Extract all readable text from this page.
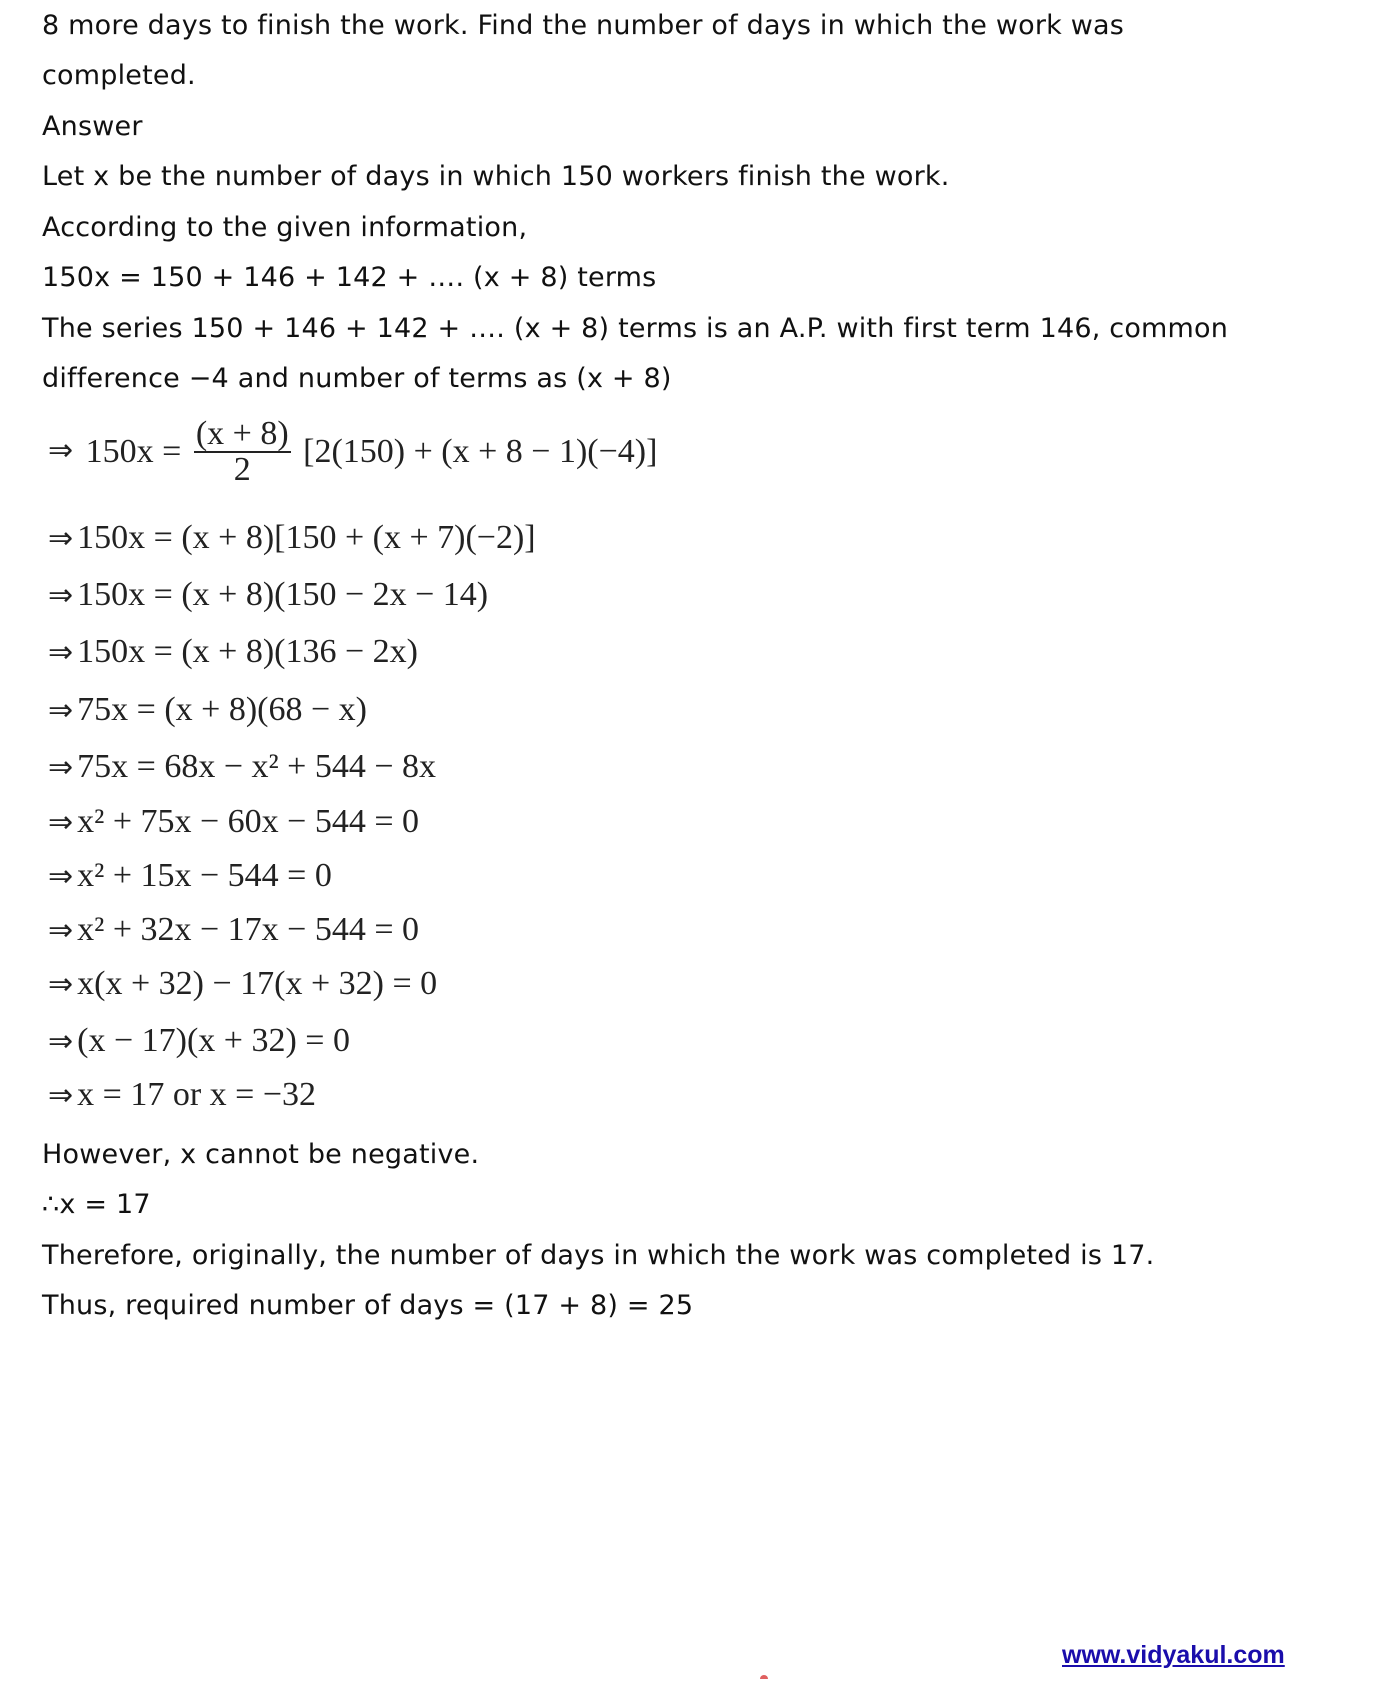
8 more days to finish the work. Find the number of days in which the work was
completed.
Answer
Let x be the number of days in which 150 workers finish the work.
According to the given information,
150x = 150 + 146 + 142 + …. (x + 8) terms
The series 150 + 146 + 142 + …. (x + 8) terms is an A.P. with first term 146, common
difference −4 and number of terms as (x + 8)
⇒ $150x = \frac{(x + 8)}{2} [2(150) + (x + 8 - 1)(-4)]$
⇒ 150x = (x + 8)[150 + (x + 7)(−2)]
⇒ 150x = (x + 8)(150 − 2x − 14)
⇒ 150x = (x + 8)(136 − 2x)
⇒ 75x = (x + 8)(68 − x)
⇒ 75x = 68x − x² + 544 − 8x
⇒ x² + 75x − 60x − 544 = 0
⇒ x² + 15x − 544 = 0
⇒ x² + 32x − 17x − 544 = 0
⇒ x(x + 32) − 17(x + 32) = 0
⇒ (x − 17)(x + 32) = 0
⇒ x = 17 or x = −32
However, x cannot be negative.
∴x = 17
Therefore, originally, the number of days in which the work was completed is 17.
Thus, required number of days = (17 + 8) = 25
www.vidyakul.com
